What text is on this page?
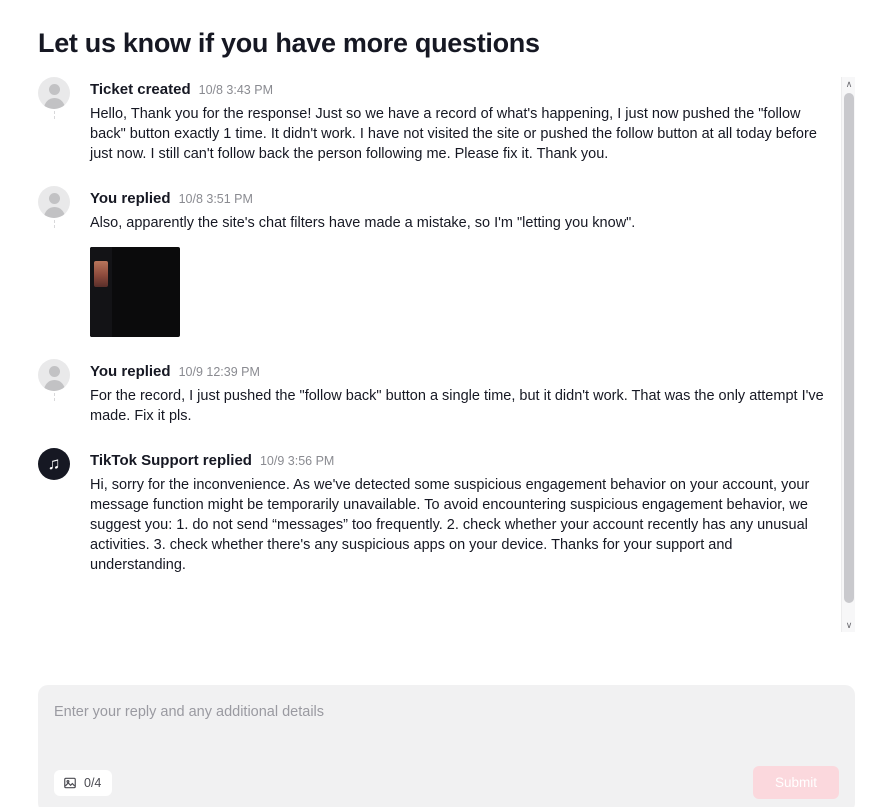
Let us know if you have more questions
Ticket created 10/8 3:43 PM
Hello, Thank you for the response! Just so we have a record of what's happening, I just now pushed the "follow back" button exactly 1 time. It didn't work. I have not visited the site or pushed the follow button at all today before just now. I still can't follow back the person following me. Please fix it. Thank you.
You replied 10/8 3:51 PM
Also, apparently the site's chat filters have made a mistake, so I'm "letting you know".
You replied 10/9 12:39 PM
For the record, I just pushed the "follow back" button a single time, but it didn't work. That was the only attempt I've made. Fix it pls.
♫	TikTok Support replied 10/9 3:56 PM
Hi, sorry for the inconvenience. As we've detected some suspicious engagement behavior on your account, your message function might be temporarily unavailable. To avoid encountering suspicious engagement behavior, we suggest you: 1. do not send “messages” too frequently. 2. check whether your account recently has any unusual activities. 3. check whether there's any suspicious apps on your device. Thanks for your support and understanding.
∧
∨
Enter your reply and any additional details
0/4	Submit
